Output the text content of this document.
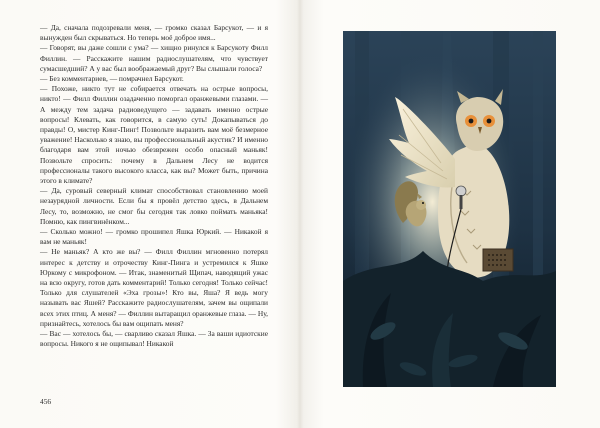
— Да, сначала подозревали меня, — громко сказал Барсукот, — и я вынужден был скрываться. Но теперь моё доброе имя...

— Говорят, вы даже сошли с ума? — хищно ринулся к Барсукоту Филл Филлин. — Расскажите нашим радиослушателям, что чувствует сумасшедший? А у вас был воображаемый друг? Вы слышали голоса?

— Без комментариев, — помрачнел Барсукот.

— Похоже, никто тут не собирается отвечать на острые вопросы, никто! — Филл Филлин озадаченно поморгал оранжевыми глазами. — А между тем задача радиоведущего — задавать именно острые вопросы! Клевать, как говорится, в самую суть! Докапываться до правды! О, мистер Кинг-Пинг! Позвольте выразить вам моё безмерное уважение! Насколько я знаю, вы профессиональный акустик? И именно благодаря вам этой ночью обезврежен особо опасный маньяк! Позвольте спросить: почему в Дальнем Лесу не водится профессионалы такого высокого класса, как вы? Может быть, причина этого в климате?

— Да, суровый северный климат способствовал становлению моей незаурядной личности. Если бы я провёл детство здесь, в Дальнем Лесу, то, возможно, не смог бы сегодня так ловко поймать маньяка! Помню, как пингвинёнком...

— Сколько можно! — громко прошипел Яшка Юркий. — Никакой я вам не маньяк!

— Не маньяк? А кто же вы? — Филл Филлин мгновенно потерял интерес к детству и отрочеству Кинг-Пинга и устремился к Яшке Юркому с микрофоном. — Итак, знаменитый Щипач, наводящий ужас на всю округу, готов дать комментарий! Только сегодня! Только сейчас! Только для слушателей «Эха грозы»! Кто вы, Яша? Я ведь могу называть вас Яшей? Расскажите радиослушателям, зачем вы ощипали всех этих птиц. А меня? — Филлин вытаращил оранжевые глаза. — Ну, признайтесь, хотелось бы вам ощипать меня?

— Вас — хотелось бы, — сварливо сказал Яшка. — За ваши идиотские вопросы. Никого я не ощипывал! Никакой

456
